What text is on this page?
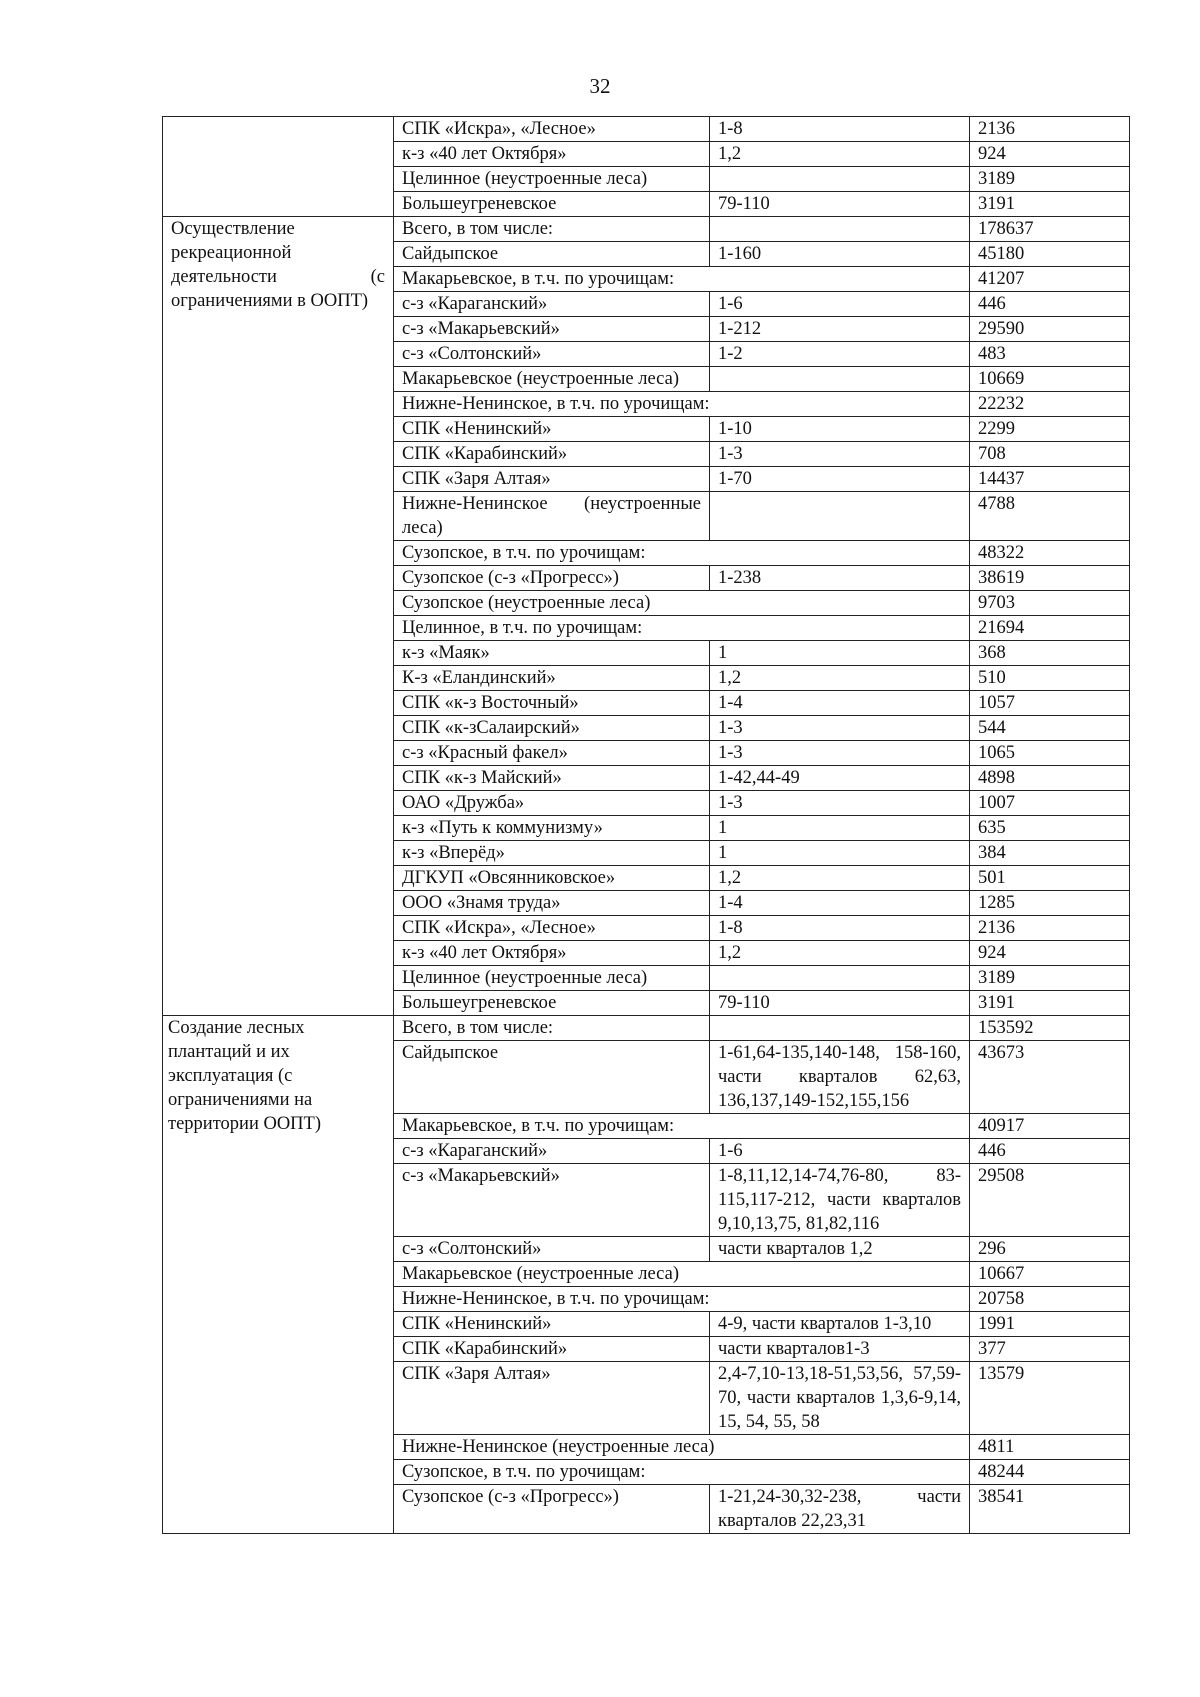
32
	СПК «Искра», «Лесное»	1-8	2136
	к-з «40 лет Октября»	1,2	924
	Целинное (неустроенные леса)		3189
	Большеугреневское	79-110	3191
Осуществление рекреационной деятельности (с ограничениями в ООПТ)	Всего, в том числе:		178637
	Сайдыпское	1-160	45180
	Макарьевское, в т.ч. по урочищам:		41207
	с-з «Караганский»	1-6	446
	с-з «Макарьевский»	1-212	29590
	с-з «Солтонский»	1-2	483
	Макарьевское (неустроенные леса)		10669
	Нижне-Ненинское, в т.ч. по урочищам:		22232
	СПК «Ненинский»	1-10	2299
	СПК «Карабинский»	1-3	708
	СПК «Заря Алтая»	1-70	14437
	Нижне-Ненинское (неустроенные леса)		4788
	Сузопское, в т.ч. по урочищам:		48322
	Сузопское (с-з «Прогресс»)	1-238	38619
	Сузопское (неустроенные леса)		9703
	Целинное, в т.ч. по урочищам:		21694
	к-з «Маяк»	1	368
	К-з «Еландинский»	1,2	510
	СПК «к-з Восточный»	1-4	1057
	СПК «к-зСалаирский»	1-3	544
	с-з «Красный факел»	1-3	1065
	СПК «к-з Майский»	1-42,44-49	4898
	ОАО «Дружба»	1-3	1007
	к-з «Путь к коммунизму»	1	635
	к-з «Вперёд»	1	384
	ДГКУП «Овсянниковское»	1,2	501
	ООО «Знамя труда»	1-4	1285
	СПК «Искра», «Лесное»	1-8	2136
	к-з «40 лет Октября»	1,2	924
	Целинное (неустроенные леса)		3189
	Большеугреневское	79-110	3191
Создание лесных плантаций и их эксплуатация (с ограничениями на территории ООПТ)	Всего, в том числе:		153592
	Сайдыпское	1-61,64-135,140-148, 158-160, части кварталов 62,63, 136,137,149-152,155,156	43673
	Макарьевское, в т.ч. по урочищам:		40917
	с-з «Караганский»	1-6	446
	с-з «Макарьевский»	1-8,11,12,14-74,76-80, 83-115,117-212, части кварталов 9,10,13,75, 81,82,116	29508
	с-з «Солтонский»	части кварталов 1,2	296
	Макарьевское (неустроенные леса)		10667
	Нижне-Ненинское, в т.ч. по урочищам:		20758
	СПК «Ненинский»	4-9, части кварталов 1-3,10	1991
	СПК «Карабинский»	части кварталов1-3	377
	СПК «Заря Алтая»	2,4-7,10-13,18-51,53,56, 57,59-70, части кварталов 1,3,6-9,14, 15, 54, 55, 58	13579
	Нижне-Ненинское (неустроенные леса)		4811
	Сузопское, в т.ч. по урочищам:		48244
	Сузопское (с-з «Прогресс»)	1-21,24-30,32-238, части кварталов 22,23,31	38541
